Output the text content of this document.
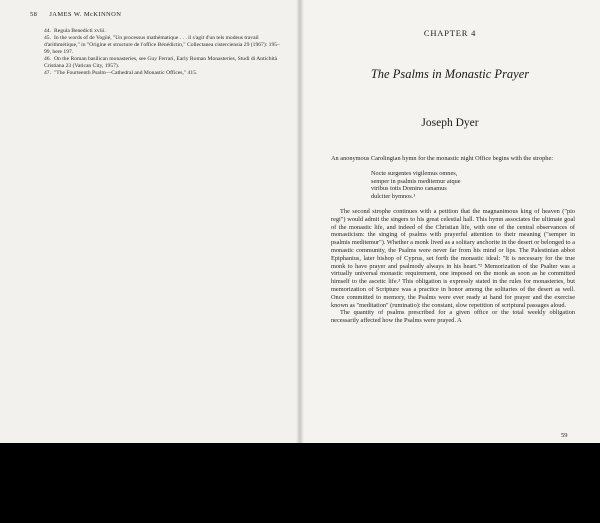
58 JAMES W. McKINNON

44. Regula Benedicti xviii.

45. In the words of de Vogüé, "Un processus mathématique . . . il s'agit d'un tels modeus travail d'arithmétique," in "Origine et structure de l'office Bénédictin," Collectanea cisterciensia 29 (1967): 195–99, here 197.

46. On the Roman basilican monasteries, see Guy Ferrari, Early Roman Monasteries, Studi di Antichità Cristiana 23 (Vatican City, 1957).

47. "The Fourteenth Psalm—Cathedral and Monastic Offices," 415.

CHAPTER 4
The Psalms in Monastic Prayer
Joseph Dyer

An anonymous Carolingian hymn for the monastic night Office begins with the strophe:

Nocte surgentes vigilemus omnes,
semper in psalmis meditemur atque
viribus totis Domino canamus
dulciter hymnos.¹

The second strophe continues with a petition that the magnanimous king of heaven ("pio regi") would admit the singers to his great celestial hall. This hymn associates the ultimate goal of the monastic life, and indeed of the Christian life, with one of the central observances of monasticism: the singing of psalms with prayerful attention to their meaning ("semper in psalmis meditemur"). Whether a monk lived as a solitary anchorite in the desert or belonged to a monastic community, the Psalms were never far from his mind or lips. The Palestinian abbot Epiphanius, later bishop of Cyprus, set forth the monastic ideal: "It is necessary for the true monk to have prayer and psalmody always in his heart."² Memorization of the Psalter was a virtually universal monastic requirement, one imposed on the monk as soon as he committed himself to the ascetic life.³ This obligation is expressly stated in the rules for monasteries, but memorization of Scripture was a practice in honor among the solitaries of the desert as well. Once committed to memory, the Psalms were ever ready at hand for prayer and the exercise known as "meditation" (ruminatio): the constant, slow repetition of scriptural passages aloud.

The quantity of psalms prescribed for a given office or the total weekly obligation necessarily affected how the Psalms were prayed. A

59
